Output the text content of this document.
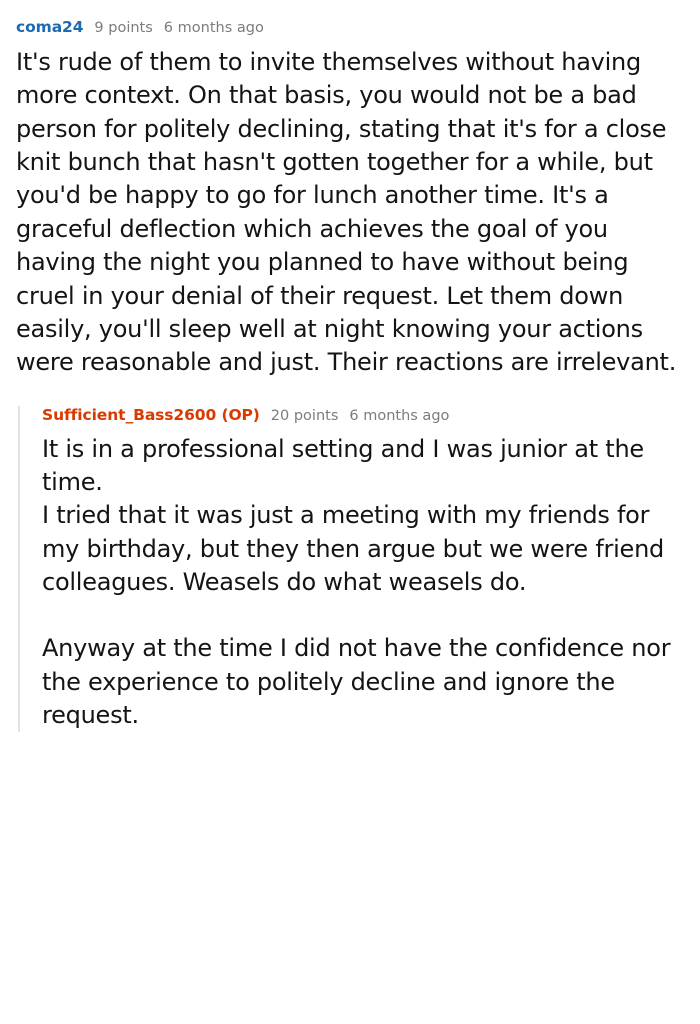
coma24 9 points 6 months ago

It's rude of them to invite themselves without having more context. On that basis, you would not be a bad person for politely declining, stating that it's for a close knit bunch that hasn't gotten together for a while, but you'd be happy to go for lunch another time. It's a graceful deflection which achieves the goal of you having the night you planned to have without being cruel in your denial of their request. Let them down easily, you'll sleep well at night knowing your actions were reasonable and just. Their reactions are irrelevant.

Sufficient_Bass2600 (OP) 20 points 6 months ago

It is in a professional setting and I was junior at the time.

I tried that it was just a meeting with my friends for my birthday, but they then argue but we were friend colleagues. Weasels do what weasels do.

Anyway at the time I did not have the confidence nor the experience to politely decline and ignore the request.
